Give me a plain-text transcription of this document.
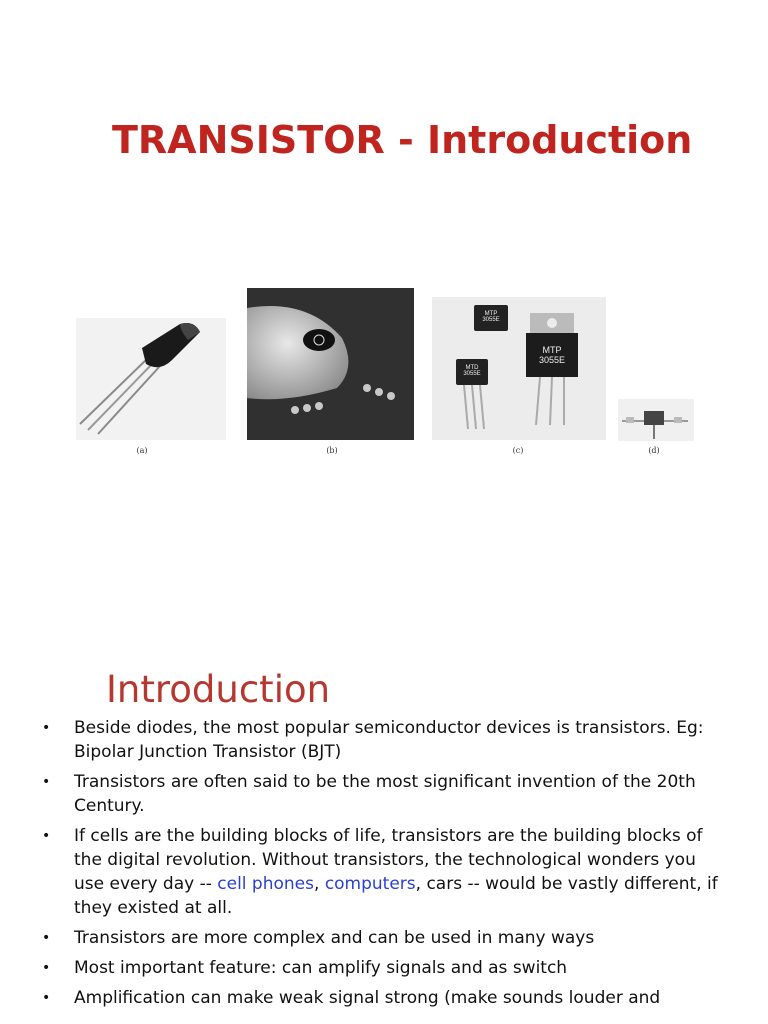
TRANSISTOR - Introduction
(a)	(b)
MTP 3055E
MTD 3055E
MTP 3055E
(c)	(d)
Introduction
• Beside diodes, the most popular semiconductor devices is transistors. Eg: Bipolar Junction Transistor (BJT)
• Transistors are often said to be the most significant invention of the 20th Century.
• If cells are the building blocks of life, transistors are the building blocks of the digital revolution. Without transistors, the technological wonders you use every day -- cell phones, computers, cars -- would be vastly different, if they existed at all.
• Transistors are more complex and can be used in many ways
• Most important feature: can amplify signals and as switch
• Amplification can make weak signal strong (make sounds louder and
